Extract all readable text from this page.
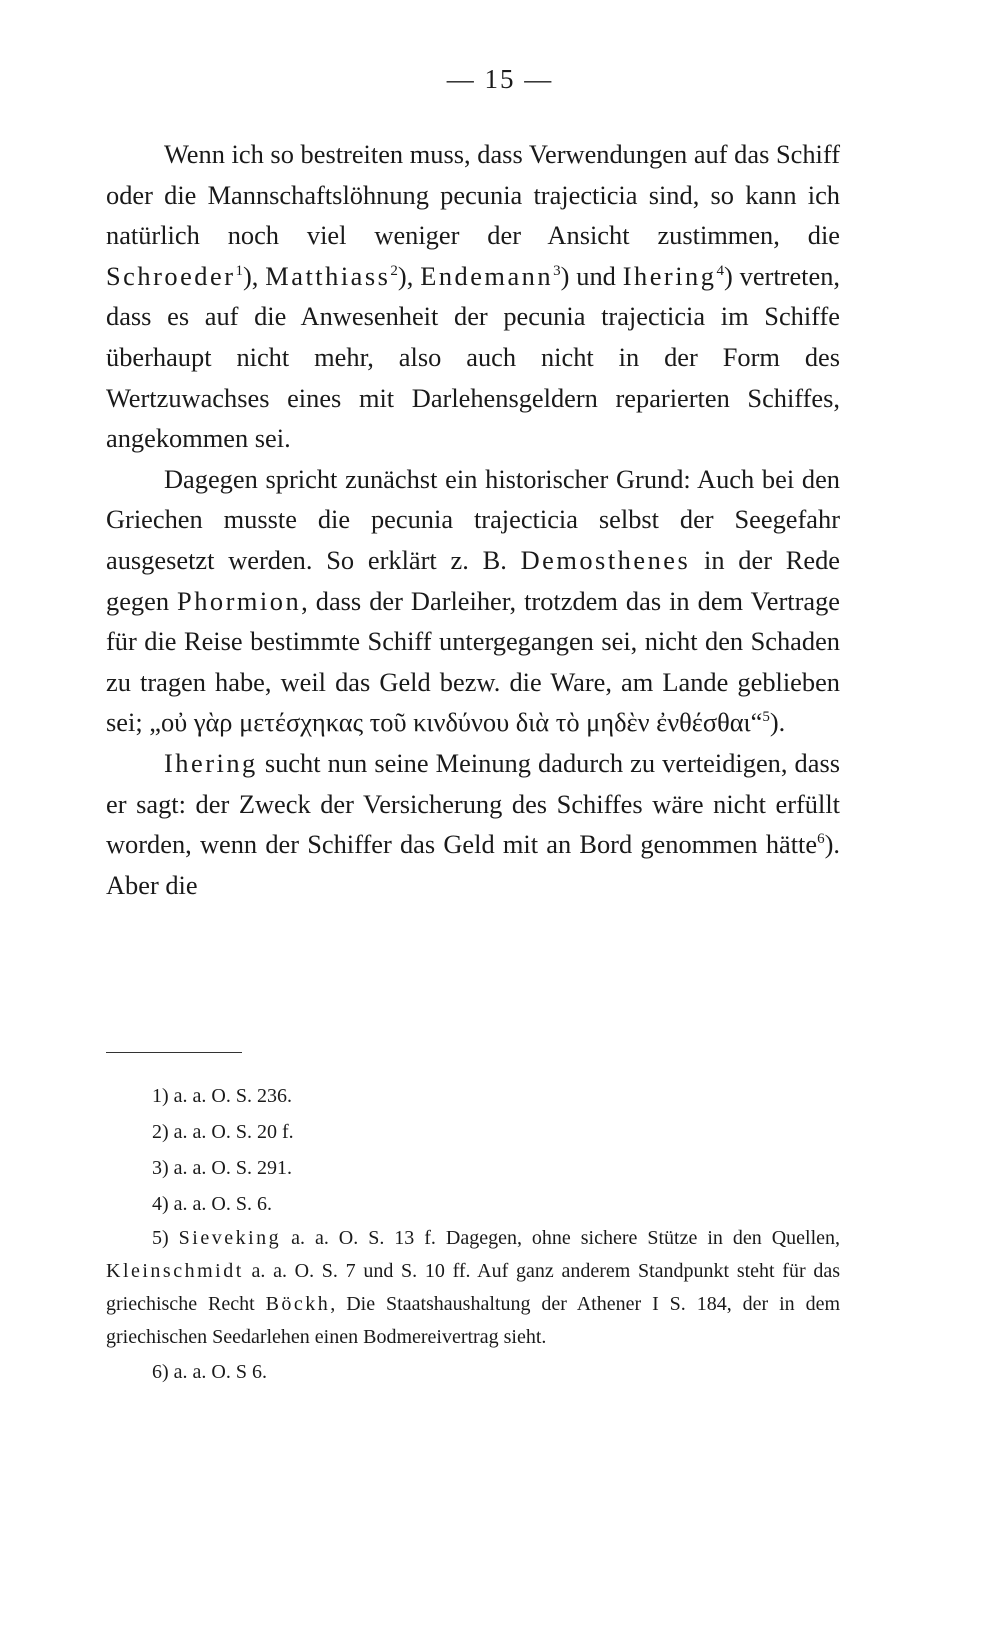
— 15 —

Wenn ich so bestreiten muss, dass Verwendungen auf das Schiff oder die Mannschaftslöhnung pecunia trajecticia sind, so kann ich natürlich noch viel weniger der Ansicht zustimmen, die Schroeder$^1$), Matthiass$^2$), Endemann$^3$) und Ihering$^4$) vertreten, dass es auf die Anwesenheit der pecunia trajecticia im Schiffe überhaupt nicht mehr, also auch nicht in der Form des Wertzuwachses eines mit Darlehensgeldern reparierten Schiffes, angekommen sei.

Dagegen spricht zunächst ein historischer Grund: Auch bei den Griechen musste die pecunia trajecticia selbst der Seegefahr ausgesetzt werden. So erklärt z. B. Demosthenes in der Rede gegen Phormion, dass der Darleiher, trotzdem das in dem Vertrage für die Reise bestimmte Schiff untergegangen sei, nicht den Schaden zu tragen habe, weil das Geld bezw. die Ware, am Lande geblieben sei; „οὐ γὰρ μετέσχηκας τοῦ κινδύνου διὰ τὸ μηδὲν ἐνθέσθαι“$^5$).

Ihering sucht nun seine Meinung dadurch zu verteidigen, dass er sagt: der Zweck der Versicherung des Schiffes wäre nicht erfüllt worden, wenn der Schiffer das Geld mit an Bord genommen hätte$^6$). Aber die

1) a. a. O. S. 236.

2) a. a. O. S. 20 f.

3) a. a. O. S. 291.

4) a. a. O. S. 6.

5) Sieveking a. a. O. S. 13 f. Dagegen, ohne sichere Stütze in den Quellen, Kleinschmidt a. a. O. S. 7 und S. 10 ff. Auf ganz anderem Standpunkt steht für das griechische Recht Böckh, Die Staatshaushaltung der Athener I S. 184, der in dem griechischen Seedarlehen einen Bodmereivertrag sieht.

6) a. a. O. S 6.
